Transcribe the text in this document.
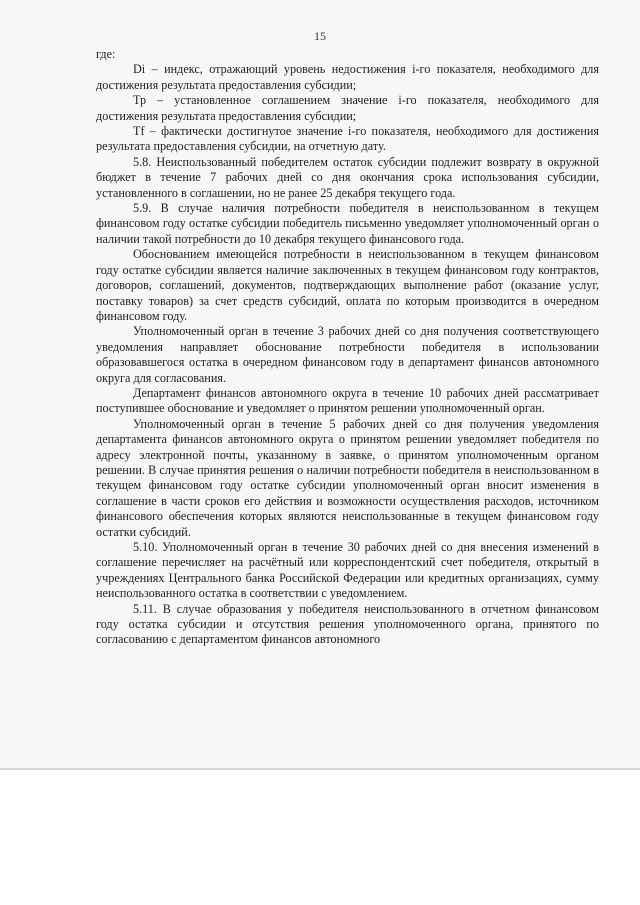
15

где:

Di – индекс, отражающий уровень недостижения i-го показателя, необходимого для достижения результата предоставления субсидии;

Тр – установленное соглашением значение i-го показателя, необходимого для достижения результата предоставления субсидии;

Tf – фактически достигнутое значение i-го показателя, необходимого для достижения результата предоставления субсидии, на отчетную дату.

5.8. Неиспользованный победителем остаток субсидии подлежит возврату в окружной бюджет в течение 7 рабочих дней со дня окончания срока использования субсидии, установленного в соглашении, но не ранее 25 декабря текущего года.

5.9. В случае наличия потребности победителя в неиспользованном в текущем финансовом году остатке субсидии победитель письменно уведомляет уполномоченный орган о наличии такой потребности до 10 декабря текущего финансового года.

Обоснованием имеющейся потребности в неиспользованном в текущем финансовом году остатке субсидии является наличие заключенных в текущем финансовом году контрактов, договоров, соглашений, документов, подтверждающих выполнение работ (оказание услуг, поставку товаров) за счет средств субсидий, оплата по которым производится в очередном финансовом году.

Уполномоченный орган в течение 3 рабочих дней со дня получения соответствующего уведомления направляет обоснование потребности победителя в использовании образовавшегося остатка в очередном финансовом году в департамент финансов автономного округа для согласования.

Департамент финансов автономного округа в течение 10 рабочих дней рассматривает поступившее обоснование и уведомляет о принятом решении уполномоченный орган.

Уполномоченный орган в течение 5 рабочих дней со дня получения уведомления департамента финансов автономного округа о принятом решении уведомляет победителя по адресу электронной почты, указанному в заявке, о принятом уполномоченным органом решении. В случае принятия решения о наличии потребности победителя в неиспользованном в текущем финансовом году остатке субсидии уполномоченный орган вносит изменения в соглашение в части сроков его действия и возможности осуществления расходов, источником финансового обеспечения которых являются неиспользованные в текущем финансовом году остатки субсидий.

5.10. Уполномоченный орган в течение 30 рабочих дней со дня внесения изменений в соглашение перечисляет на расчётный или корреспондентский счет победителя, открытый в учреждениях Центрального банка Российской Федерации или кредитных организациях, сумму неиспользованного остатка в соответствии с уведомлением.

5.11. В случае образования у победителя неиспользованного в отчетном финансовом году остатка субсидии и отсутствия решения уполномоченного органа, принятого по согласованию с департаментом финансов автономного
